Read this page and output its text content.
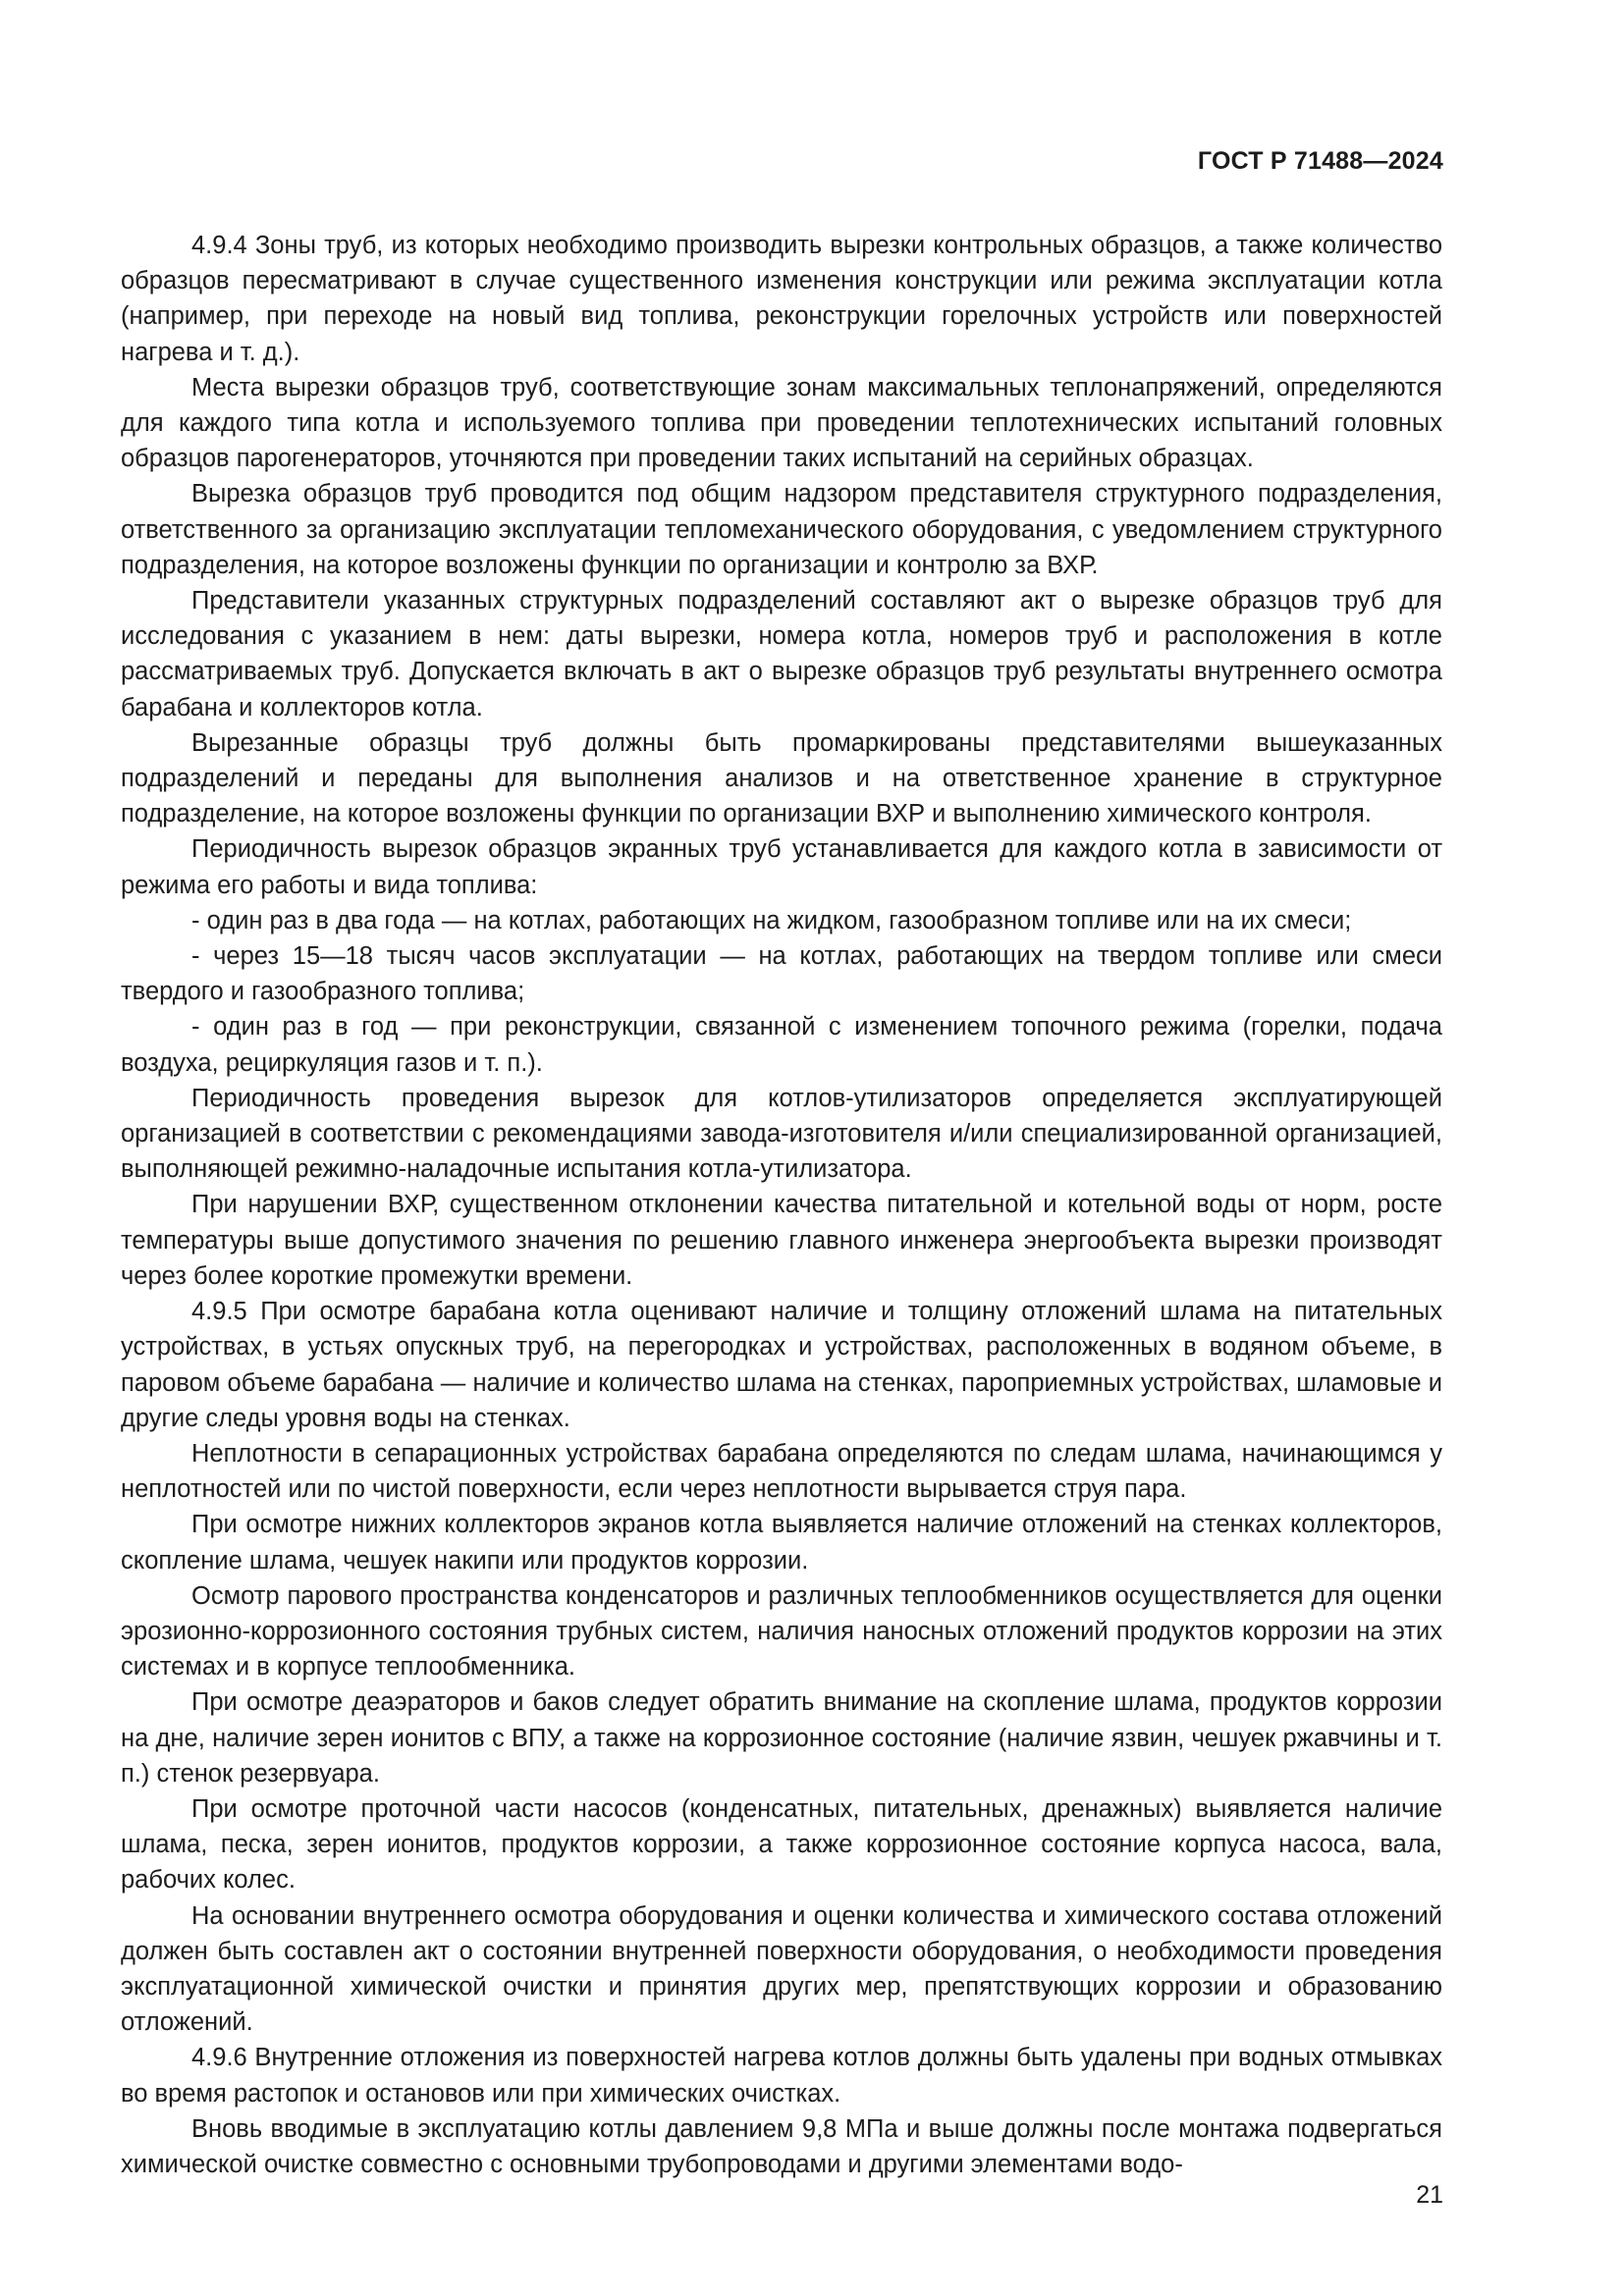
ГОСТ Р 71488—2024

4.9.4 Зоны труб, из которых необходимо производить вырезки контрольных образцов, а также количество образцов пересматривают в случае существенного изменения конструкции или режима эксплуатации котла (например, при переходе на новый вид топлива, реконструкции горелочных устройств или поверхностей нагрева и т. д.).

Места вырезки образцов труб, соответствующие зонам максимальных теплонапряжений, определяются для каждого типа котла и используемого топлива при проведении теплотехнических испытаний головных образцов парогенераторов, уточняются при проведении таких испытаний на серийных образцах.

Вырезка образцов труб проводится под общим надзором представителя структурного подразделения, ответственного за организацию эксплуатации тепломеханического оборудования, с уведомлением структурного подразделения, на которое возложены функции по организации и контролю за ВХР.

Представители указанных структурных подразделений составляют акт о вырезке образцов труб для исследования с указанием в нем: даты вырезки, номера котла, номеров труб и расположения в котле рассматриваемых труб. Допускается включать в акт о вырезке образцов труб результаты внутреннего осмотра барабана и коллекторов котла.

Вырезанные образцы труб должны быть промаркированы представителями вышеуказанных подразделений и переданы для выполнения анализов и на ответственное хранение в структурное подразделение, на которое возложены функции по организации ВХР и выполнению химического контроля.

Периодичность вырезок образцов экранных труб устанавливается для каждого котла в зависимости от режима его работы и вида топлива:

- один раз в два года — на котлах, работающих на жидком, газообразном топливе или на их смеси;

- через 15—18 тысяч часов эксплуатации — на котлах, работающих на твердом топливе или смеси твердого и газообразного топлива;

- один раз в год — при реконструкции, связанной с изменением топочного режима (горелки, подача воздуха, рециркуляция газов и т. п.).

Периодичность проведения вырезок для котлов-утилизаторов определяется эксплуатирующей организацией в соответствии с рекомендациями завода-изготовителя и/или специализированной организацией, выполняющей режимно-наладочные испытания котла-утилизатора.

При нарушении ВХР, существенном отклонении качества питательной и котельной воды от норм, росте температуры выше допустимого значения по решению главного инженера энергообъекта вырезки производят через более короткие промежутки времени.

4.9.5 При осмотре барабана котла оценивают наличие и толщину отложений шлама на питательных устройствах, в устьях опускных труб, на перегородках и устройствах, расположенных в водяном объеме, в паровом объеме барабана — наличие и количество шлама на стенках, пароприемных устройствах, шламовые и другие следы уровня воды на стенках.

Неплотности в сепарационных устройствах барабана определяются по следам шлама, начинающимся у неплотностей или по чистой поверхности, если через неплотности вырывается струя пара.

При осмотре нижних коллекторов экранов котла выявляется наличие отложений на стенках коллекторов, скопление шлама, чешуек накипи или продуктов коррозии.

Осмотр парового пространства конденсаторов и различных теплообменников осуществляется для оценки эрозионно-коррозионного состояния трубных систем, наличия наносных отложений продуктов коррозии на этих системах и в корпусе теплообменника.

При осмотре деаэраторов и баков следует обратить внимание на скопление шлама, продуктов коррозии на дне, наличие зерен ионитов с ВПУ, а также на коррозионное состояние (наличие язвин, чешуек ржавчины и т. п.) стенок резервуара.

При осмотре проточной части насосов (конденсатных, питательных, дренажных) выявляется наличие шлама, песка, зерен ионитов, продуктов коррозии, а также коррозионное состояние корпуса насоса, вала, рабочих колес.

На основании внутреннего осмотра оборудования и оценки количества и химического состава отложений должен быть составлен акт о состоянии внутренней поверхности оборудования, о необходимости проведения эксплуатационной химической очистки и принятия других мер, препятствующих коррозии и образованию отложений.

4.9.6 Внутренние отложения из поверхностей нагрева котлов должны быть удалены при водных отмывках во время растопок и остановов или при химических очистках.

Вновь вводимые в эксплуатацию котлы давлением 9,8 МПа и выше должны после монтажа подвергаться химической очистке совместно с основными трубопроводами и другими элементами водо-

21
